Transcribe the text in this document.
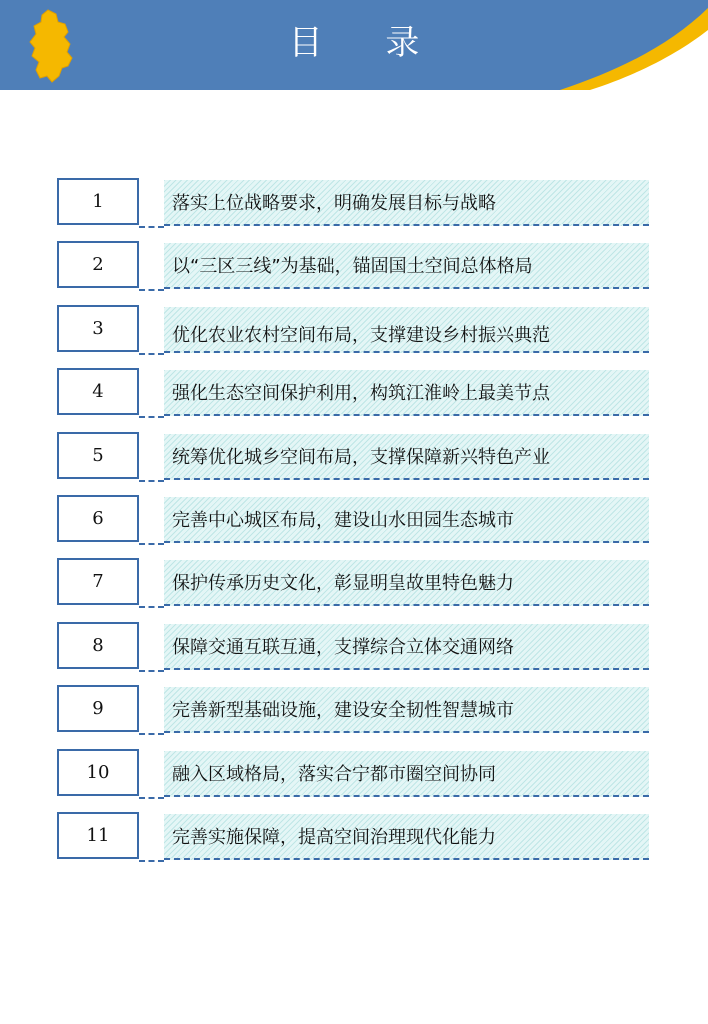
目 录
1	落实上位战略要求，明确发展目标与战略
2	以“三区三线”为基础，锚固国土空间总体格局
3	优化农业农村空间布局，支撑建设乡村振兴典范
4	强化生态空间保护利用，构筑江淮岭上最美节点
5	统筹优化城乡空间布局，支撑保障新兴特色产业
6	完善中心城区布局，建设山水田园生态城市
7	保护传承历史文化，彰显明皇故里特色魅力
8	保障交通互联互通，支撑综合立体交通网络
9	完善新型基础设施，建设安全韧性智慧城市
10	融入区域格局，落实合宁都市圈空间协同
11	完善实施保障，提高空间治理现代化能力
